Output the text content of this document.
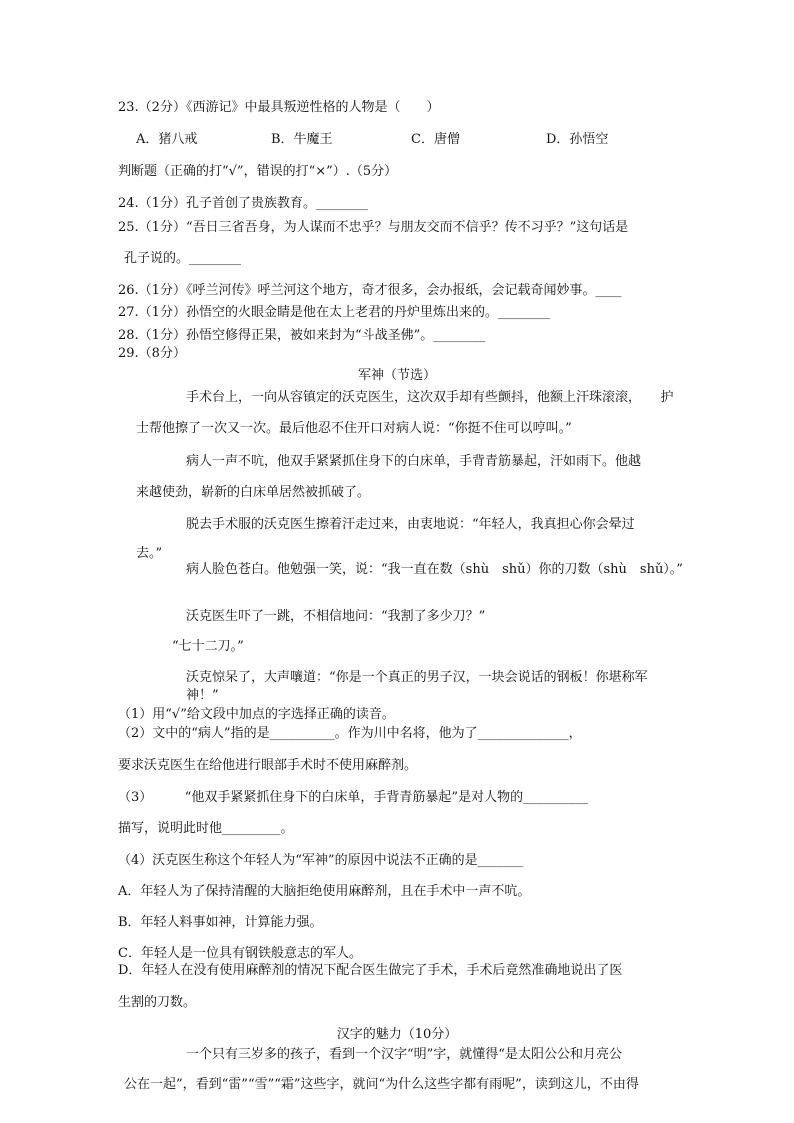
23.（2分）《西游记》中最具叛逆性格的人物是（　　）
A．猪八戒	B．牛魔王	C．唐僧	D．孙悟空
判断题（正确的打“√”，错误的打“×”）.（5分）
24.（1分）孔子首创了贵族教育。________
25.（1分）“吾日三省吾身，为人谋而不忠乎？与朋友交而不信乎？传不习乎？”这句话是
孔子说的。________
26.（1分）《呼兰河传》呼兰河这个地方，奇才很多，会办报纸，会记载奇闻妙事。____
27.（1分）孙悟空的火眼金睛是他在太上老君的丹炉里炼出来的。________
28.（1分）孙悟空修得正果，被如来封为“斗战圣佛”。________
29.（8分）
军神（节选）
手术台上，一向从容镇定的沃克医生，这次双手却有些颤抖，他额上汗珠滚滚，　　护
士帮他擦了一次又一次。最后他忍不住开口对病人说：“你挺不住可以哼叫。”
病人一声不吭，他双手紧紧抓住身下的白床单，手背青筋暴起，汗如雨下。他越
来越使劲，崭新的白床单居然被抓破了。
脱去手术服的沃克医生擦着汗走过来，由衷地说：“年轻人，我真担心你会晕过
去。”
病人脸色苍白。他勉强一笑，说：“我一直在数（shù　shǔ）你的刀数（shù　shǔ）。”
沃克医生吓了一跳，不相信地问：“我割了多少刀？”
“七十二刀。”
沃克惊呆了，大声嚷道：“你是一个真正的男子汉，一块会说话的钢板！你堪称军
神！”
（1）用“√”给文段中加点的字选择正确的读音。
（2）文中的“病人”指的是__________。作为川中名将，他为了______________，
要求沃克医生在给他进行眼部手术时不使用麻醉剂。
（3）　　　“他双手紧紧抓住身下的白床单，手背青筋暴起”是对人物的__________
描写，说明此时他_________。
（4）沃克医生称这个年轻人为“军神”的原因中说法不正确的是_______
A．年轻人为了保持清醒的大脑拒绝使用麻醉剂，且在手术中一声不吭。
B．年轻人料事如神，计算能力强。
C．年轻人是一位具有钢铁般意志的军人。
D．年轻人在没有使用麻醉剂的情况下配合医生做完了手术，手术后竟然准确地说出了医
生割的刀数。
汉字的魅力（10分）
一个只有三岁多的孩子，看到一个汉字“明”字，就懂得“是太阳公公和月亮公
公在一起”，看到“雷”“雪”“霜”这些字，就问“为什么这些字都有雨呢”，读到这儿，不由得
